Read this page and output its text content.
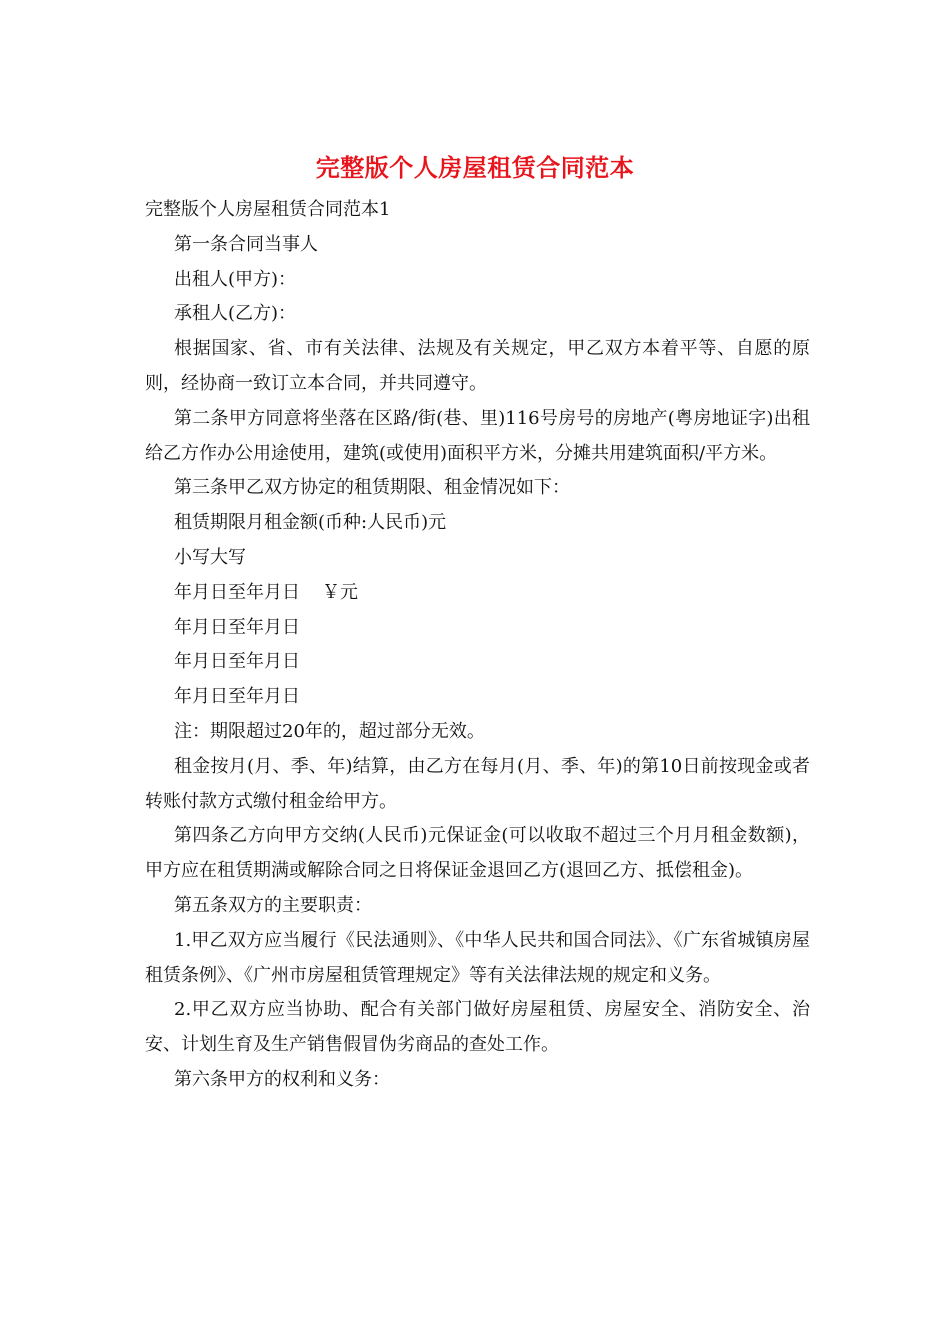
完整版个人房屋租赁合同范本

完整版个人房屋租赁合同范本1

第一条合同当事人

出租人(甲方)：

承租人(乙方)：

根据国家、省、市有关法律、法规及有关规定，甲乙双方本着平等、自愿的原则，经协商一致订立本合同，并共同遵守。

第二条甲方同意将坐落在区路/街(巷、里)116号房号的房地产(粤房地证字)出租给乙方作办公用途使用，建筑(或使用)面积平方米，分摊共用建筑面积/平方米。

第三条甲乙双方协定的租赁期限、租金情况如下：

租赁期限月租金额(币种:人民币)元

小写大写

年月日至年月日 ￥元

年月日至年月日

年月日至年月日

年月日至年月日

注：期限超过20年的，超过部分无效。

租金按月(月、季、年)结算，由乙方在每月(月、季、年)的第10日前按现金或者转账付款方式缴付租金给甲方。

第四条乙方向甲方交纳(人民币)元保证金(可以收取不超过三个月月租金数额)，甲方应在租赁期满或解除合同之日将保证金退回乙方(退回乙方、抵偿租金)。

第五条双方的主要职责：

1.甲乙双方应当履行《民法通则》、《中华人民共和国合同法》、《广东省城镇房屋租赁条例》、《广州市房屋租赁管理规定》等有关法律法规的规定和义务。

2.甲乙双方应当协助、配合有关部门做好房屋租赁、房屋安全、消防安全、治安、计划生育及生产销售假冒伪劣商品的查处工作。

第六条甲方的权利和义务：
